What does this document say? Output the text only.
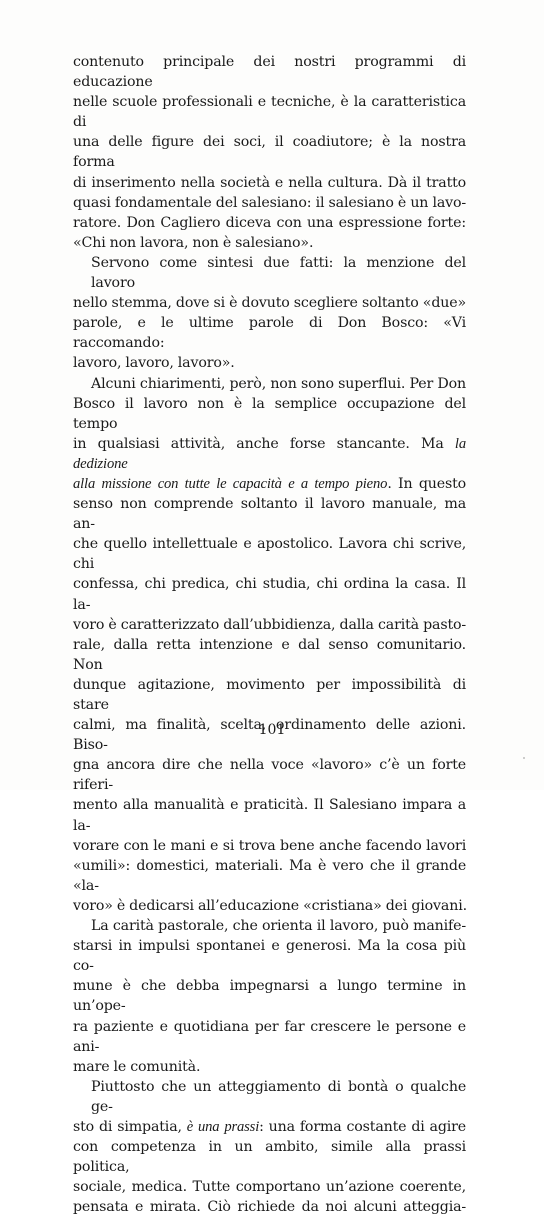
contenuto principale dei nostri programmi di educazione
nelle scuole professionali e tecniche, è la caratteristica di
una delle figure dei soci, il coadiutore; è la nostra forma
di inserimento nella società e nella cultura. Dà il tratto
quasi fondamentale del salesiano: il salesiano è un lavo-
ratore. Don Cagliero diceva con una espressione forte:
«Chi non lavora, non è salesiano».
Servono come sintesi due fatti: la menzione del lavoro
nello stemma, dove si è dovuto scegliere soltanto «due»
parole, e le ultime parole di Don Bosco: «Vi raccomando:
lavoro, lavoro, lavoro».
Alcuni chiarimenti, però, non sono superflui. Per Don
Bosco il lavoro non è la semplice occupazione del tempo
in qualsiasi attività, anche forse stancante. Ma la dedizione
alla missione con tutte le capacità e a tempo pieno. In questo
senso non comprende soltanto il lavoro manuale, ma an-
che quello intellettuale e apostolico. Lavora chi scrive, chi
confessa, chi predica, chi studia, chi ordina la casa. Il la-
voro è caratterizzato dall’ubbidienza, dalla carità pasto-
rale, dalla retta intenzione e dal senso comunitario. Non
dunque agitazione, movimento per impossibilità di stare
calmi, ma finalità, scelta, ordinamento delle azioni. Biso-
gna ancora dire che nella voce «lavoro» c’è un forte riferi-
mento alla manualità e praticità. Il Salesiano impara a la-
vorare con le mani e si trova bene anche facendo lavori
«umili»: domestici, materiali. Ma è vero che il grande «la-
voro» è dedicarsi all’educazione «cristiana» dei giovani.
La carità pastorale, che orienta il lavoro, può manife-
starsi in impulsi spontanei e generosi. Ma la cosa più co-
mune è che debba impegnarsi a lungo termine in un’ope-
ra paziente e quotidiana per far crescere le persone e ani-
mare le comunità.
Piuttosto che un atteggiamento di bontà o qualche ge-
sto di simpatia, è una prassi: una forma costante di agire
con competenza in un ambito, simile alla prassi politica,
sociale, medica. Tutte comportano un’azione coerente,
pensata e mirata. Ciò richiede da noi alcuni atteggia-
101
